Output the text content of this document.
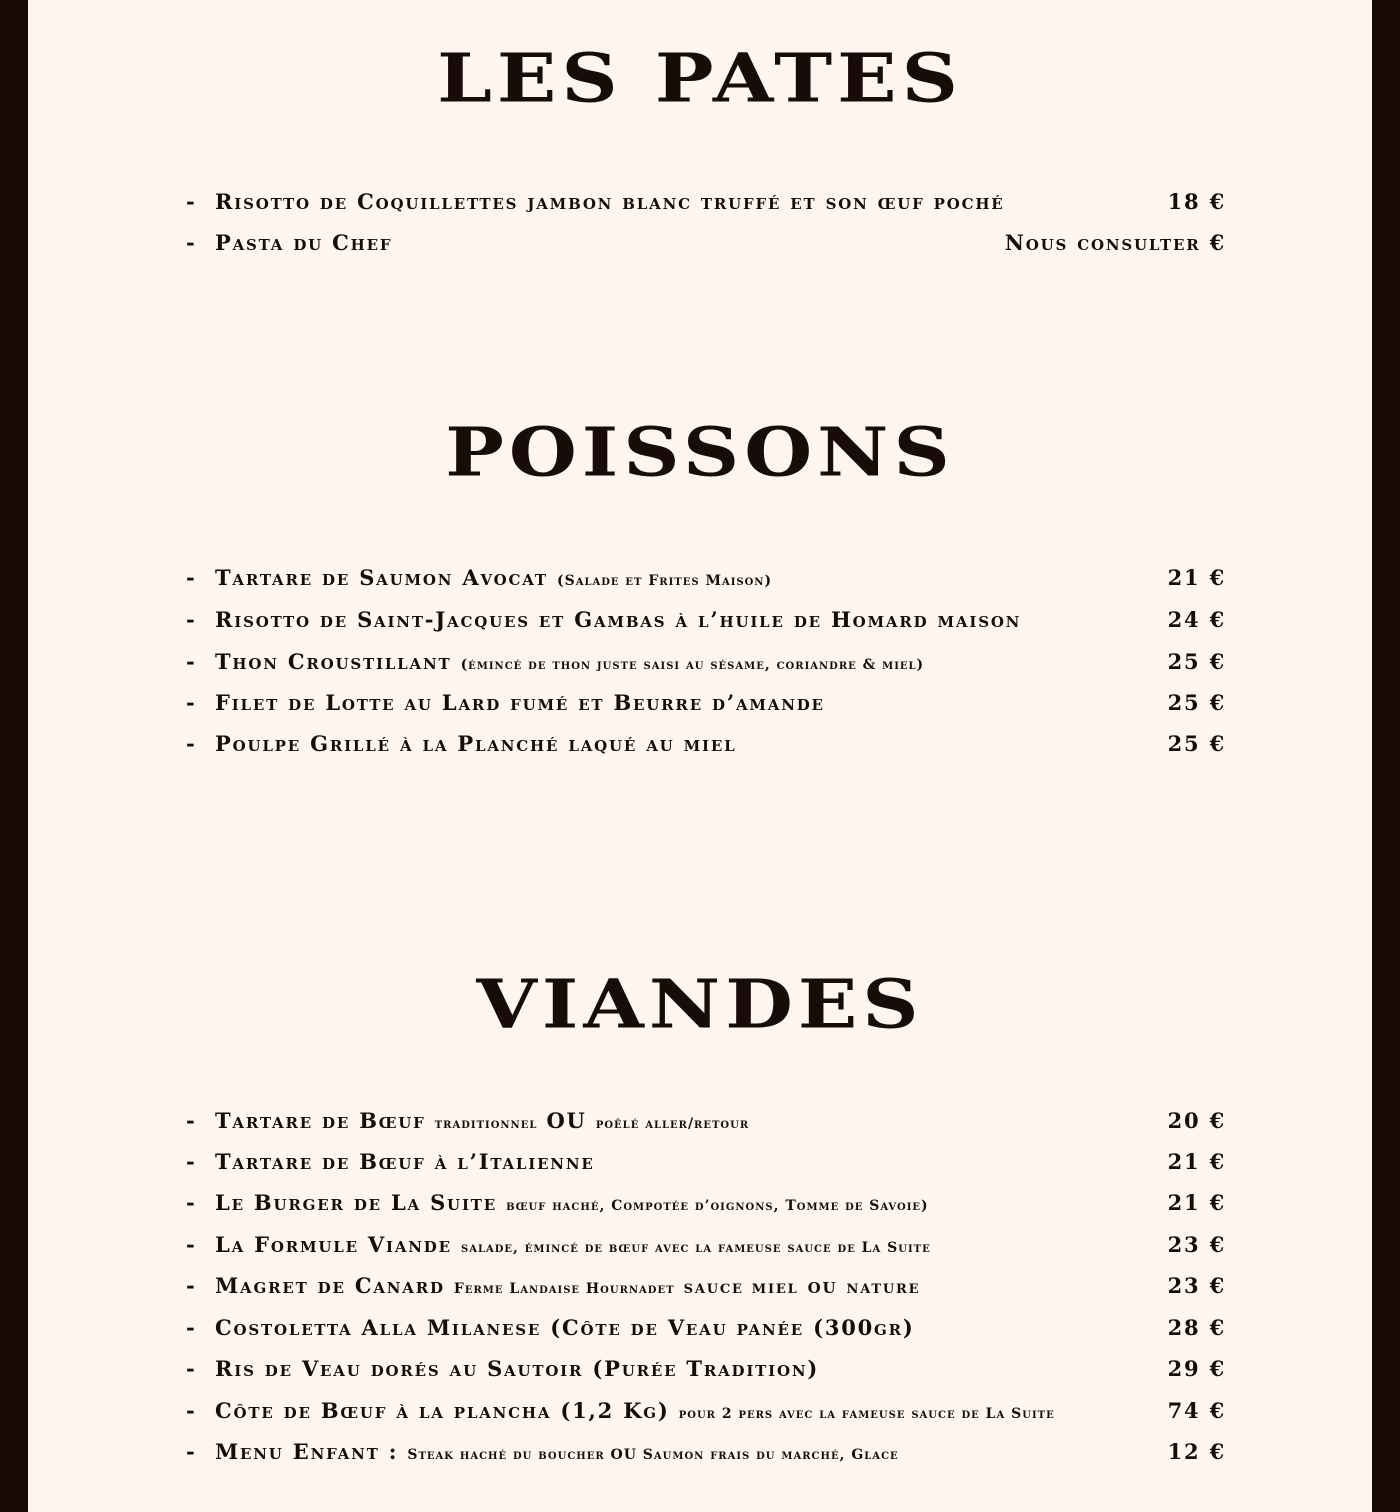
LES PATES
- Risotto de Coquillettes jambon blanc truffé et son œuf poché	18 €
- Pasta du Chef	Nous consulter €
POISSONS
- Tartare de Saumon Avocat (Salade et Frites Maison)	21 €
- Risotto de Saint-Jacques et Gambas à l’huile de Homard maison	24 €
- Thon Croustillant (émincé de thon juste saisi au sésame, coriandre & miel)	25 €
- Filet de Lotte au Lard fumé et Beurre d’amande	25 €
- Poulpe Grillé à la Planché laqué au miel	25 €
VIANDES
- Tartare de Bœuf traditionnel OU poêlé aller/retour	20 €
- Tartare de Bœuf à l’Italienne	21 €
- Le Burger de La Suite bœuf haché, Compotée d’oignons, Tomme de Savoie)	21 €
- La Formule Viande salade, émincé de bœuf avec la fameuse sauce de La Suite	23 €
- Magret de Canard Ferme Landaise Hournadet sauce miel ou nature	23 €
- Costoletta Alla Milanese (Côte de Veau panée (300gr)	28 €
- Ris de Veau dorés au Sautoir (Purée Tradition)	29 €
- Côte de Bœuf à la plancha (1,2 Kg) pour 2 pers avec la fameuse sauce de La Suite	74 €
- Menu Enfant : Steak haché du boucher OU Saumon frais du marché, Glace	12 €
